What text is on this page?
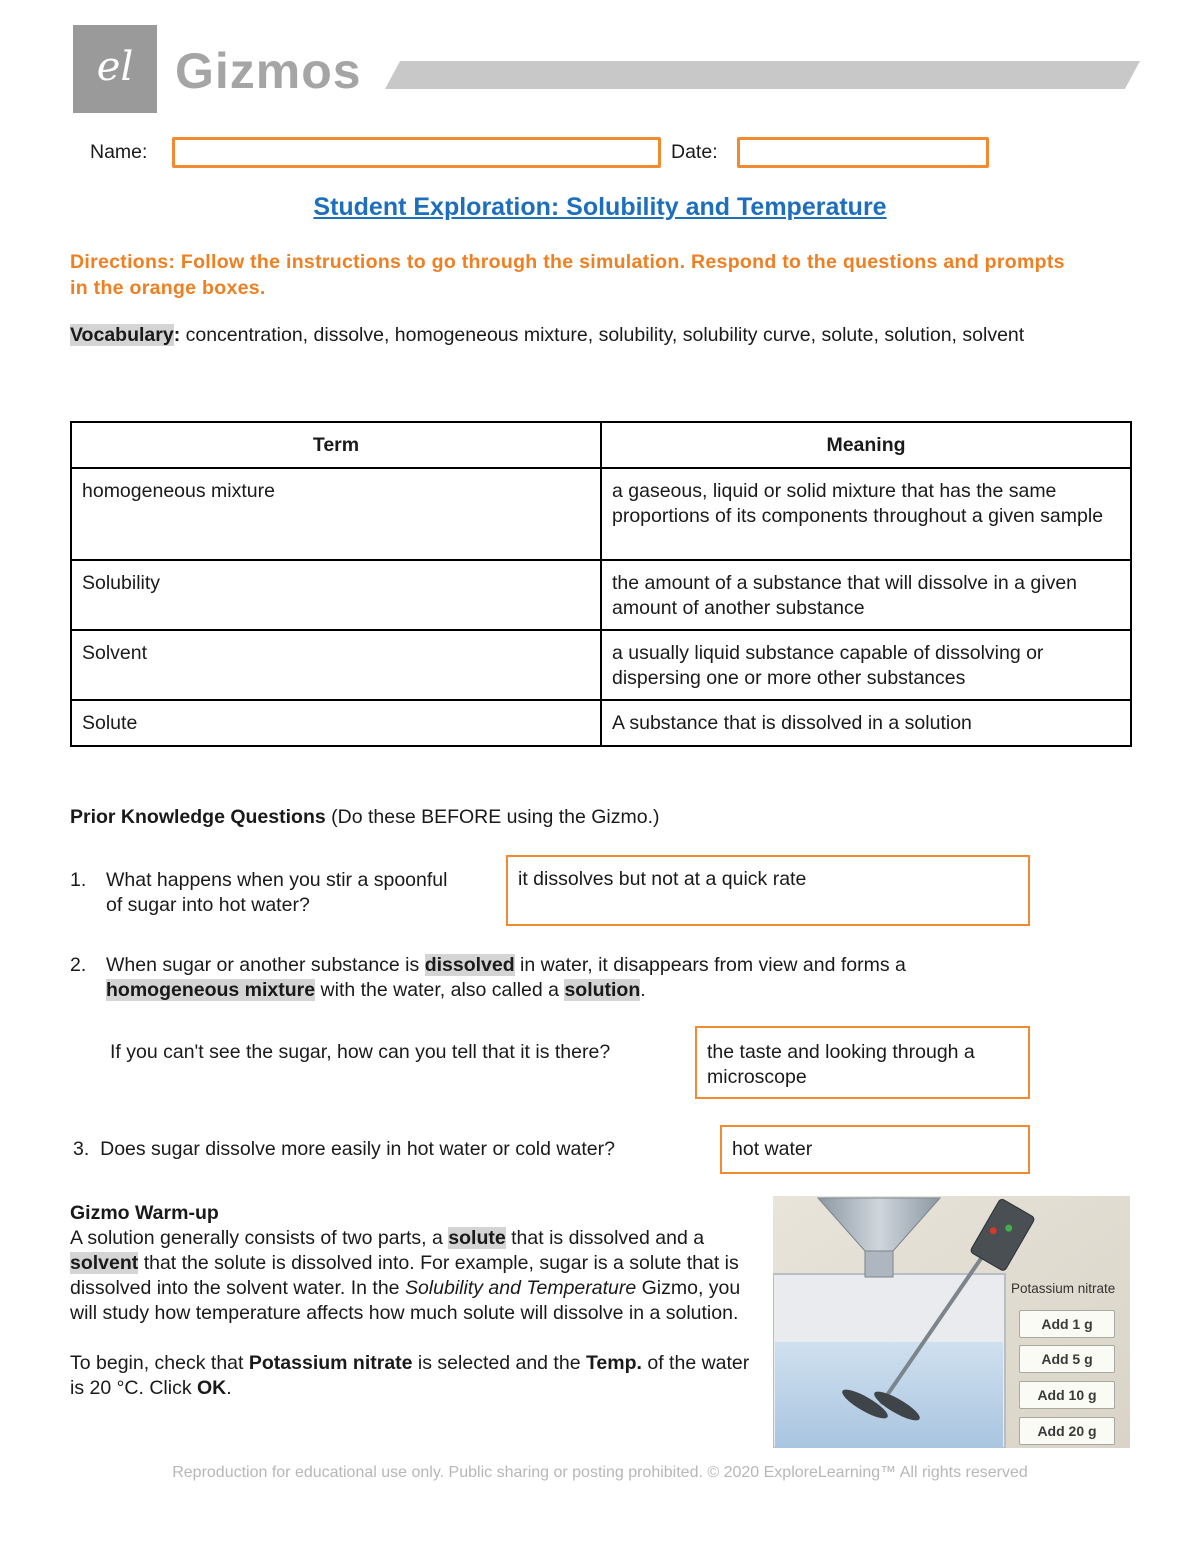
el Gizmos
Name:	Date:
Student Exploration: Solubility and Temperature
Directions: Follow the instructions to go through the simulation. Respond to the questions and prompts in the orange boxes.
Vocabulary: concentration, dissolve, homogeneous mixture, solubility, solubility curve, solute, solution, solvent
Term	Meaning
homogeneous mixture	a gaseous, liquid or solid mixture that has the same proportions of its components throughout a given sample
Solubility	the amount of a substance that will dissolve in a given amount of another substance
Solvent	a usually liquid substance capable of dissolving or dispersing one or more other substances
Solute	A substance that is dissolved in a solution
Prior Knowledge Questions (Do these BEFORE using the Gizmo.)
1.	What happens when you stir a spoonful
of sugar into hot water?
it dissolves but not at a quick rate
2.	When sugar or another substance is dissolved in water, it disappears from view and forms a
homogeneous mixture with the water, also called a solution.
If you can't see the sugar, how can you tell that it is there?	the taste and looking through a microscope
3. Does sugar dissolve more easily in hot water or cold water?	hot water
Gizmo Warm-up
A solution generally consists of two parts, a solute that is dissolved and a solvent that the solute is dissolved into. For example, sugar is a solute that is dissolved into the solvent water. In the Solubility and Temperature Gizmo, you will study how temperature affects how much solute will dissolve in a solution.
To begin, check that Potassium nitrate is selected and the Temp. of the water is 20 °C. Click OK.
Potassium nitrate
Add 1 g
Add 5 g
Add 10 g
Add 20 g
Reproduction for educational use only. Public sharing or posting prohibited. © 2020 ExploreLearning™ All rights reserved
